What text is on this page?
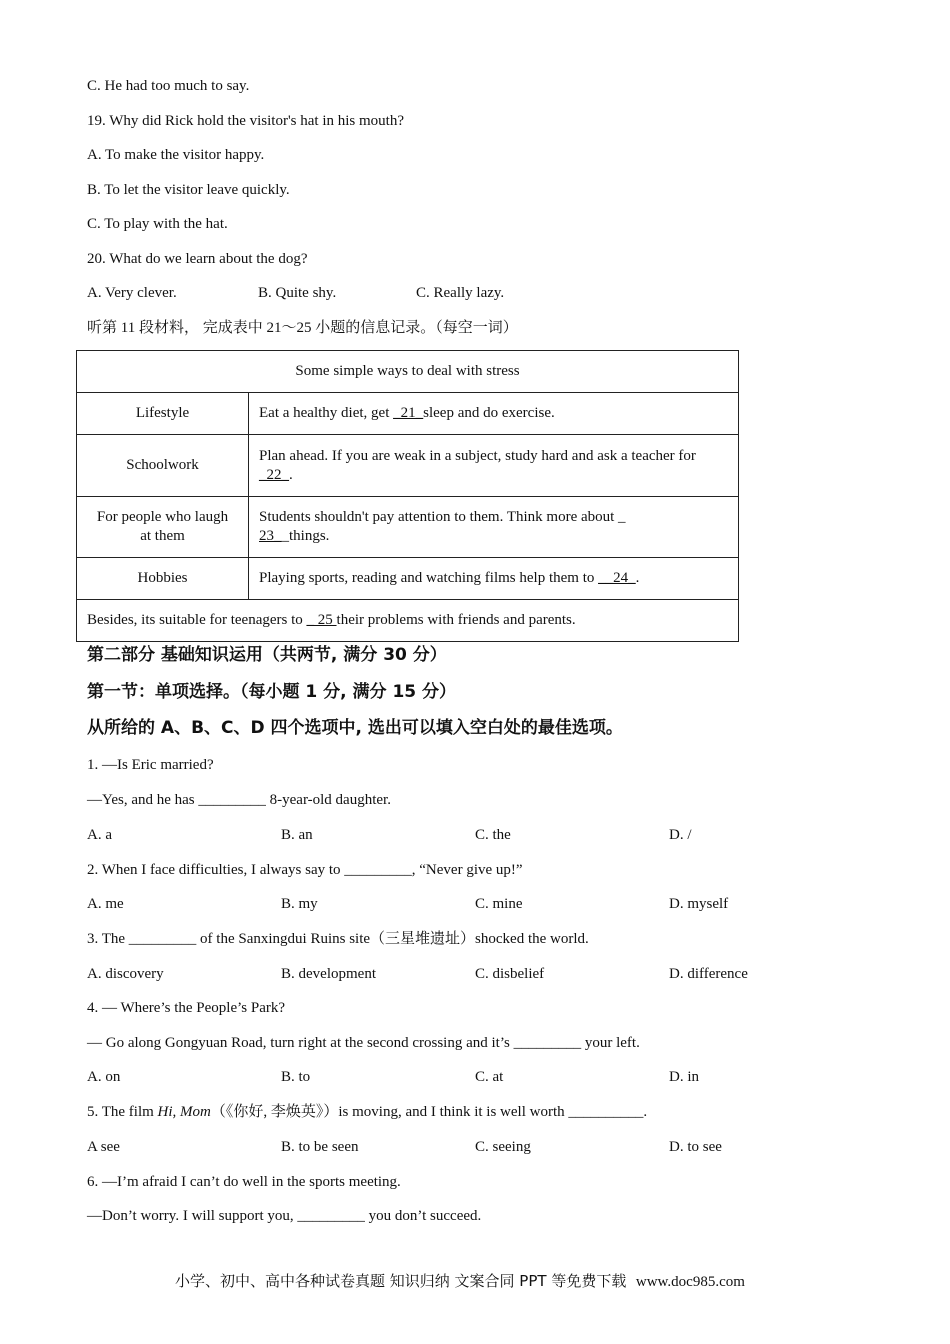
C. He had too much to say.
19. Why did Rick hold the visitor's hat in his mouth?
A. To make the visitor happy.
B. To let the visitor leave quickly.
C. To play with the hat.
20. What do we learn about the dog?
A. Very clever.	B. Quite shy.	C. Really lazy.
听第 11 段材料， 完成表中 21～25 小题的信息记录。（每空一词）
Some simple ways to deal with stress	
Lifestyle	Eat a healthy diet, get _21_sleep and do exercise.
Schoolwork	Plan ahead. If you are weak in a subject, study hard and ask a teacher for _22_.
For people who laugh at them	Students shouldn't pay attention to them. Think more about _
23__things.
Hobbies	Playing sports, reading and watching films help them to __24_.
Besides, its suitable for teenagers to _ 25 their problems with friends and parents.	
第二部分 基础知识运用（共两节, 满分 30 分）
第一节：单项选择。（每小题 1 分, 满分 15 分）
从所给的 A、B、C、D 四个选项中, 选出可以填入空白处的最佳选项。
1. —Is Eric married?
—Yes, and he has _________ 8-year-old daughter.
A. a	B. an	C. the	D. /
2. When I face difficulties, I always say to _________, “Never give up!”
A. me	B. my	C. mine	D. myself
3. The _________ of the Sanxingdui Ruins site（三星堆遗址）shocked the world.
A. discovery	B. development	C. disbelief	D. difference
4. — Where’s the People’s Park?
— Go along Gongyuan Road, turn right at the second crossing and it’s _________ your left.
A. on	B. to	C. at	D. in
5. The film Hi, Mom（《你好, 李焕英》）is moving, and I think it is well worth __________.
A see	B. to be seen	C. seeing	D. to see
6. —I’m afraid I can’t do well in the sports meeting.
—Don’t worry. I will support you, _________ you don’t succeed.
小学、初中、高中各种试卷真题 知识归纳 文案合同 PPT 等免费下载 www.doc985.com
